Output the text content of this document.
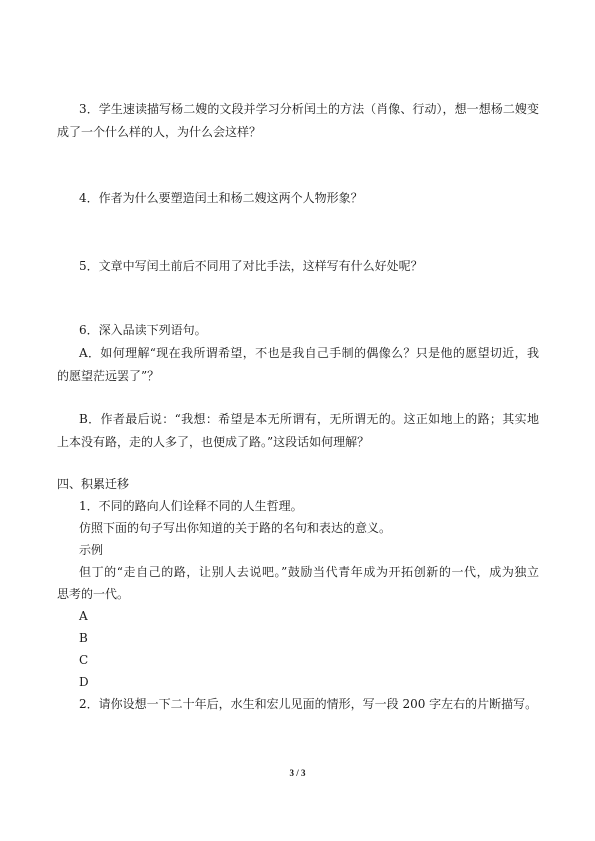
3．学生速读描写杨二嫂的文段并学习分析闰土的方法（肖像、行动），想一想杨二嫂变
成了一个什么样的人，为什么会这样？
4．作者为什么要塑造闰土和杨二嫂这两个人物形象？
5．文章中写闰土前后不同用了对比手法，这样写有什么好处呢？
6．深入品读下列语句。
A．如何理解“现在我所谓希望，不也是我自己手制的偶像么？只是他的愿望切近，我
的愿望茫远罢了”？
B．作者最后说：“我想：希望是本无所谓有，无所谓无的。这正如地上的路；其实地
上本没有路，走的人多了，也便成了路。”这段话如何理解？
四、积累迁移
1．不同的路向人们诠释不同的人生哲理。
仿照下面的句子写出你知道的关于路的名句和表达的意义。
示例
但丁的“走自己的路，让别人去说吧。”鼓励当代青年成为开拓创新的一代，成为独立
思考的一代。
A
B
C
D
2．请你设想一下二十年后，水生和宏儿见面的情形，写一段 200 字左右的片断描写。
3 / 3
